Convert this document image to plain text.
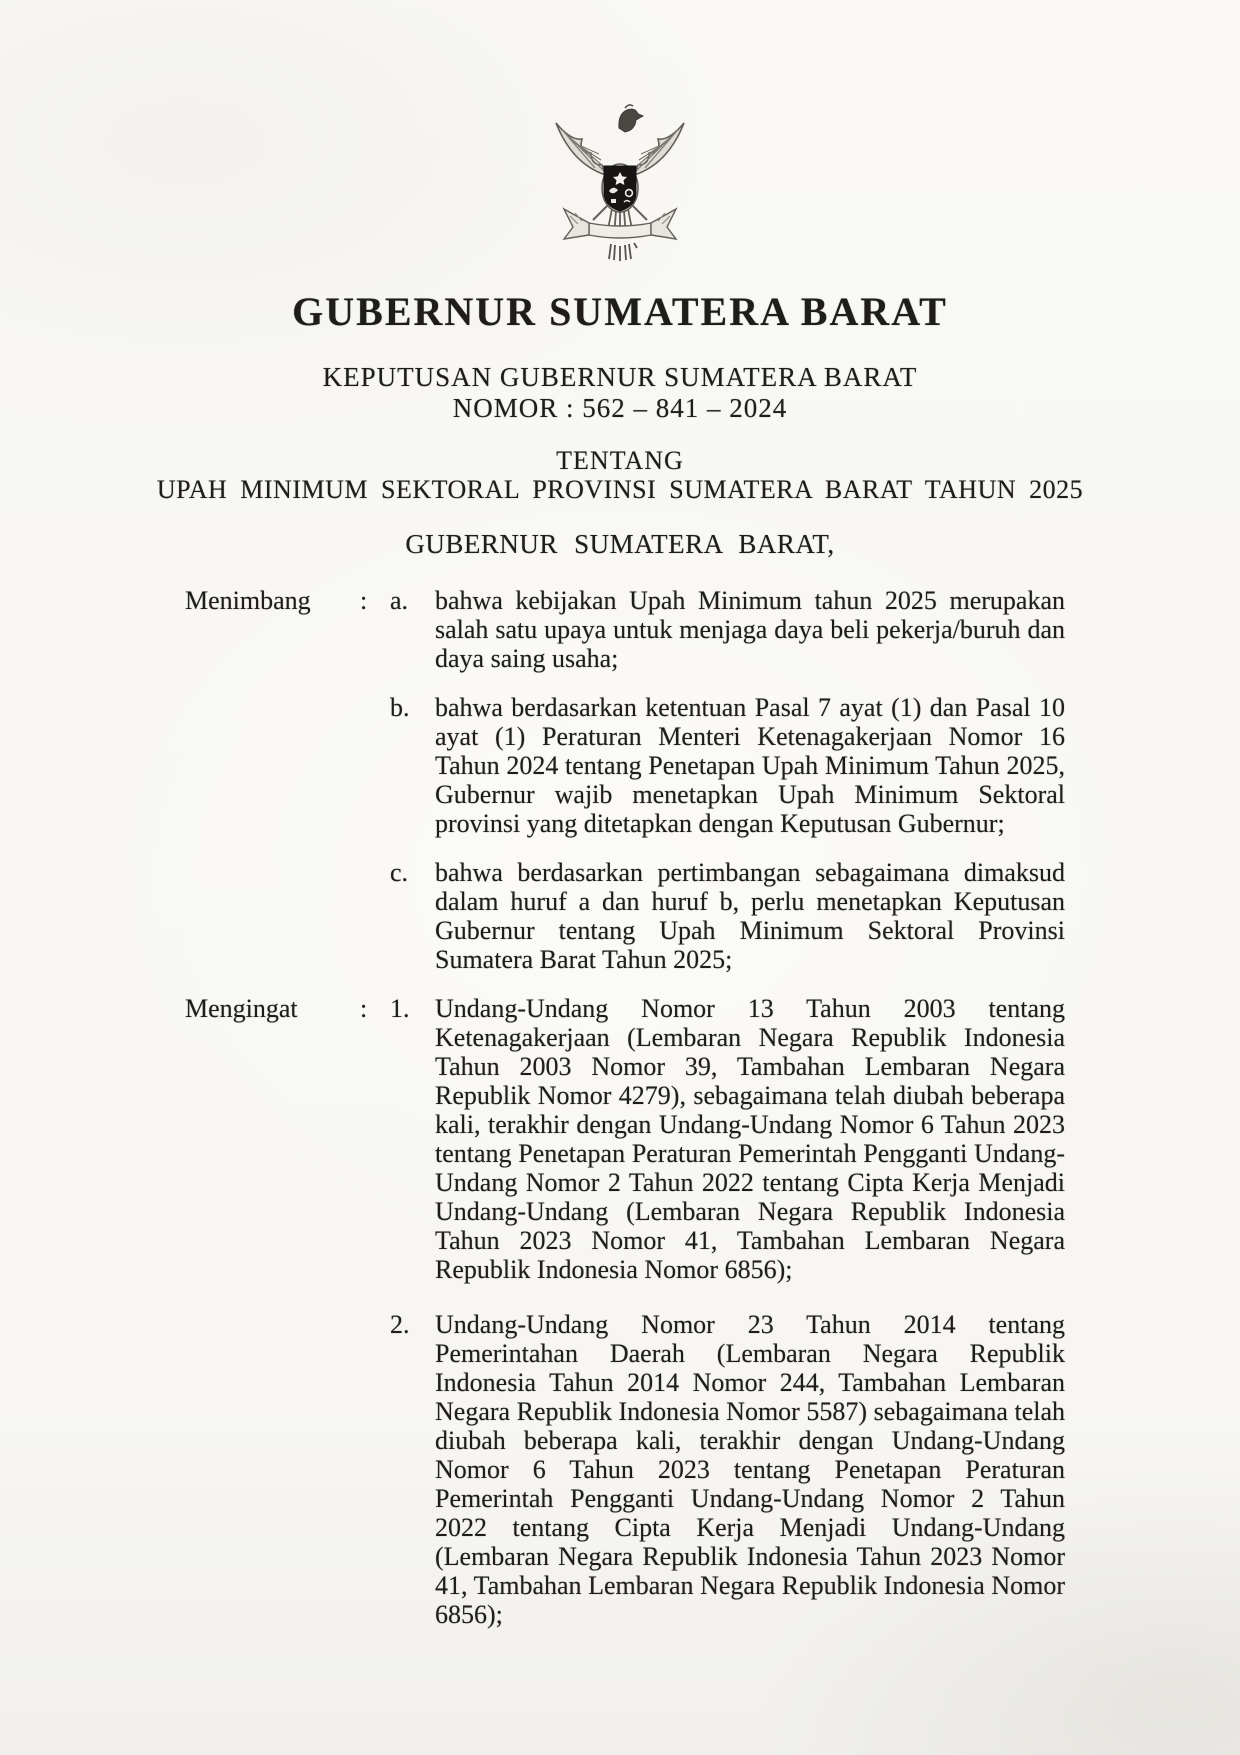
GUBERNUR SUMATERA BARAT
KEPUTUSAN GUBERNUR SUMATERA BARAT
NOMOR : 562 – 841 – 2024
TENTANG
UPAH MINIMUM SEKTORAL PROVINSI SUMATERA BARAT TAHUN 2025
GUBERNUR SUMATERA BARAT,
Menimbang	: a.	bahwa kebijakan Upah Minimum tahun 2025 merupakan salah satu upaya untuk menjaga daya beli pekerja/buruh dan daya saing usaha;
b. bahwa berdasarkan ketentuan Pasal 7 ayat (1) dan Pasal 10 ayat (1) Peraturan Menteri Ketenagakerjaan Nomor 16 Tahun 2024 tentang Penetapan Upah Minimum Tahun 2025, Gubernur wajib menetapkan Upah Minimum Sektoral provinsi yang ditetapkan dengan Keputusan Gubernur;
c.	bahwa berdasarkan pertimbangan sebagaimana dimaksud dalam huruf a dan huruf b, perlu menetapkan Keputusan Gubernur tentang Upah Minimum Sektoral Provinsi Sumatera Barat Tahun 2025;
Mengingat	: 1. Undang-Undang Nomor 13 Tahun 2003 tentang Ketenagakerjaan (Lembaran Negara Republik Indonesia Tahun 2003 Nomor 39, Tambahan Lembaran Negara Republik Nomor 4279), sebagaimana telah diubah beberapa kali, terakhir dengan Undang-Undang Nomor 6 Tahun 2023 tentang Penetapan Peraturan Pemerintah Pengganti Undang-Undang Nomor 2 Tahun 2022 tentang Cipta Kerja Menjadi Undang-Undang (Lembaran Negara Republik Indonesia Tahun 2023 Nomor 41, Tambahan Lembaran Negara Republik Indonesia Nomor 6856);
2. Undang-Undang Nomor 23 Tahun 2014 tentang Pemerintahan Daerah (Lembaran Negara Republik Indonesia Tahun 2014 Nomor 244, Tambahan Lembaran Negara Republik Indonesia Nomor 5587) sebagaimana telah diubah beberapa kali, terakhir dengan Undang-Undang Nomor 6 Tahun 2023 tentang Penetapan Peraturan Pemerintah Pengganti Undang-Undang Nomor 2 Tahun 2022 tentang Cipta Kerja Menjadi Undang-Undang (Lembaran Negara Republik Indonesia Tahun 2023 Nomor 41, Tambahan Lembaran Negara Republik Indonesia Nomor 6856);
